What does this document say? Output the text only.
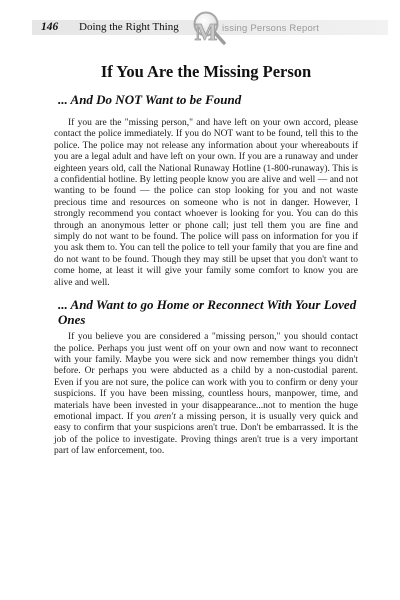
146 Doing the Right Thing M issing Persons Report
If You Are the Missing Person
... And Do NOT Want to be Found

If you are the "missing person," and have left on your own accord, please contact the police immediately. If you do NOT want to be found, tell this to the police. The police may not release any information about your whereabouts if you are a legal adult and have left on your own. If you are a runaway and under eighteen years old, call the National Runaway Hotline (1-800-runaway). This is a confidential hotline. By letting people know you are alive and well — and not wanting to be found — the police can stop looking for you and not waste precious time and resources on someone who is not in danger. However, I strongly recommend you contact whoever is looking for you. You can do this through an anonymous letter or phone call; just tell them you are fine and simply do not want to be found. The police will pass on information for you if you ask them to. You can tell the police to tell your family that you are fine and do not want to be found. Though they may still be upset that you don't want to come home, at least it will give your family some comfort to know you are alive and well.

... And Want to go Home or Reconnect With Your Loved Ones

If you believe you are considered a "missing person," you should contact the police. Perhaps you just went off on your own and now want to reconnect with your family. Maybe you were sick and now remember things you didn't before. Or perhaps you were abducted as a child by a non-custodial parent. Even if you are not sure, the police can work with you to confirm or deny your suspicions. If you have been missing, countless hours, manpower, time, and materials have been invested in your disappearance...not to mention the huge emotional impact. If you aren't a missing person, it is usually very quick and easy to confirm that your suspicions aren't true. Don't be embarrassed. It is the job of the police to investigate. Proving things aren't true is a very important part of law enforcement, too.
